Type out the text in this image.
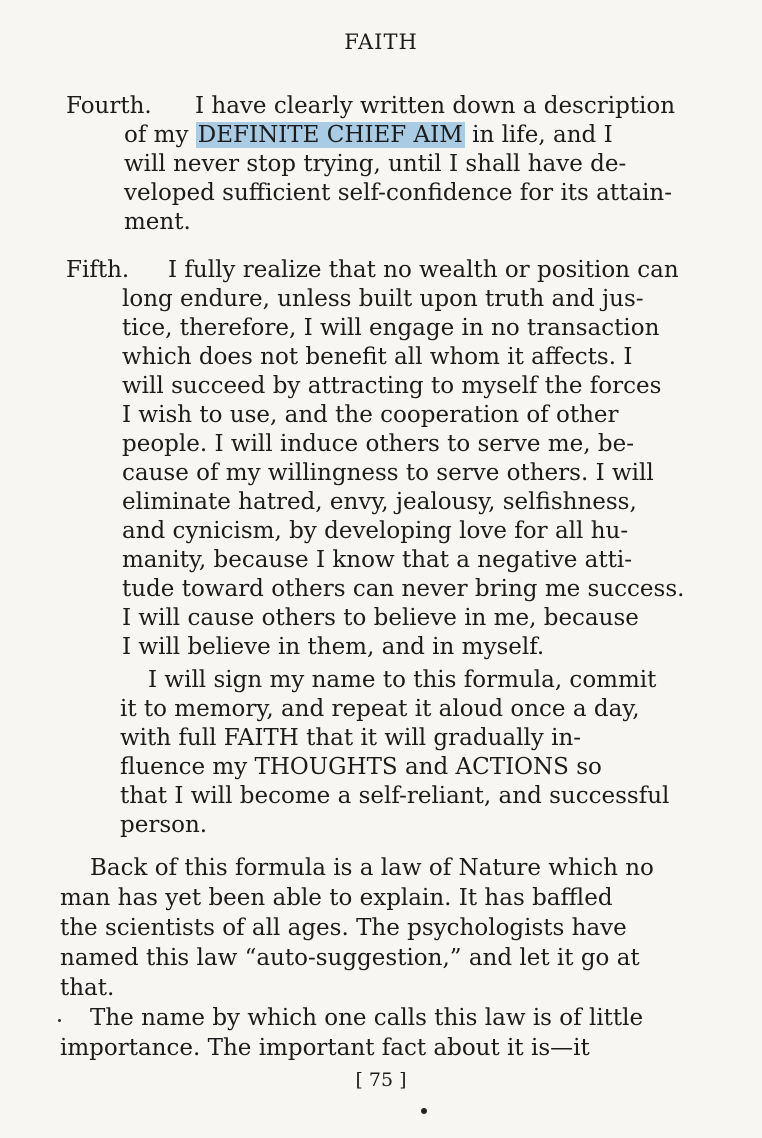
FAITH
Fourth. I have clearly written down a description
of my DEFINITE CHIEF AIM in life, and I
will never stop trying, until I shall have de-
veloped sufficient self-confidence for its attain-
ment.
Fifth. I fully realize that no wealth or position can
long endure, unless built upon truth and jus-
tice, therefore, I will engage in no transaction
which does not benefit all whom it affects. I
will succeed by attracting to myself the forces
I wish to use, and the cooperation of other
people. I will induce others to serve me, be-
cause of my willingness to serve others. I will
eliminate hatred, envy, jealousy, selfishness,
and cynicism, by developing love for all hu-
manity, because I know that a negative atti-
tude toward others can never bring me success.
I will cause others to believe in me, because
I will believe in them, and in myself.
I will sign my name to this formula, commit
it to memory, and repeat it aloud once a day,
with full FAITH that it will gradually in-
fluence my THOUGHTS and ACTIONS so
that I will become a self-reliant, and successful
person.
Back of this formula is a law of Nature which no
man has yet been able to explain. It has baffled
the scientists of all ages. The psychologists have
named this law “auto-suggestion,” and let it go at
that.
The name by which one calls this law is of little
importance. The important fact about it is—it
[ 75 ]
